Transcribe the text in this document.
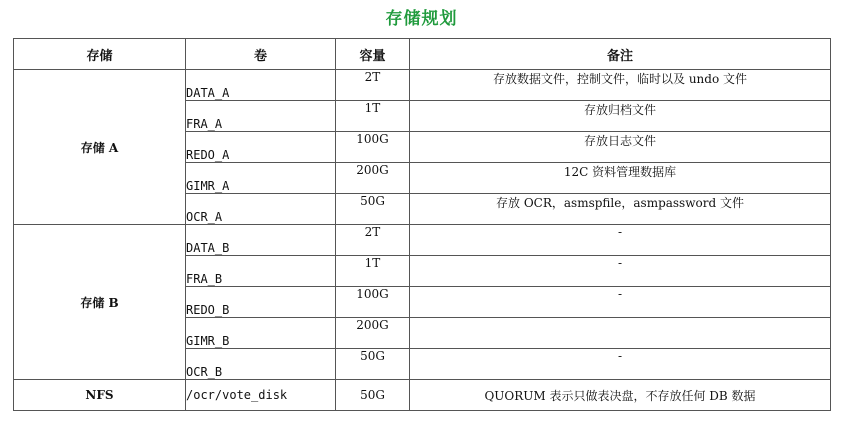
存储规划
存储	卷	容量	备注
存储 A	DATA_A	2T	存放数据文件，控制文件，临时以及 undo 文件
	FRA_A	1T	存放归档文件
	REDO_A	100G	存放日志文件
	GIMR_A	200G	12C 资料管理数据库
	OCR_A	50G	存放 OCR，asmspfile，asmpassword 文件
存储 B	DATA_B	2T	-
	FRA_B	1T	-
	REDO_B	100G	-
	GIMR_B	200G	
	OCR_B	50G	-
NFS	/ocr/vote_disk	50G	QUORUM 表示只做表决盘，不存放任何 DB 数据
